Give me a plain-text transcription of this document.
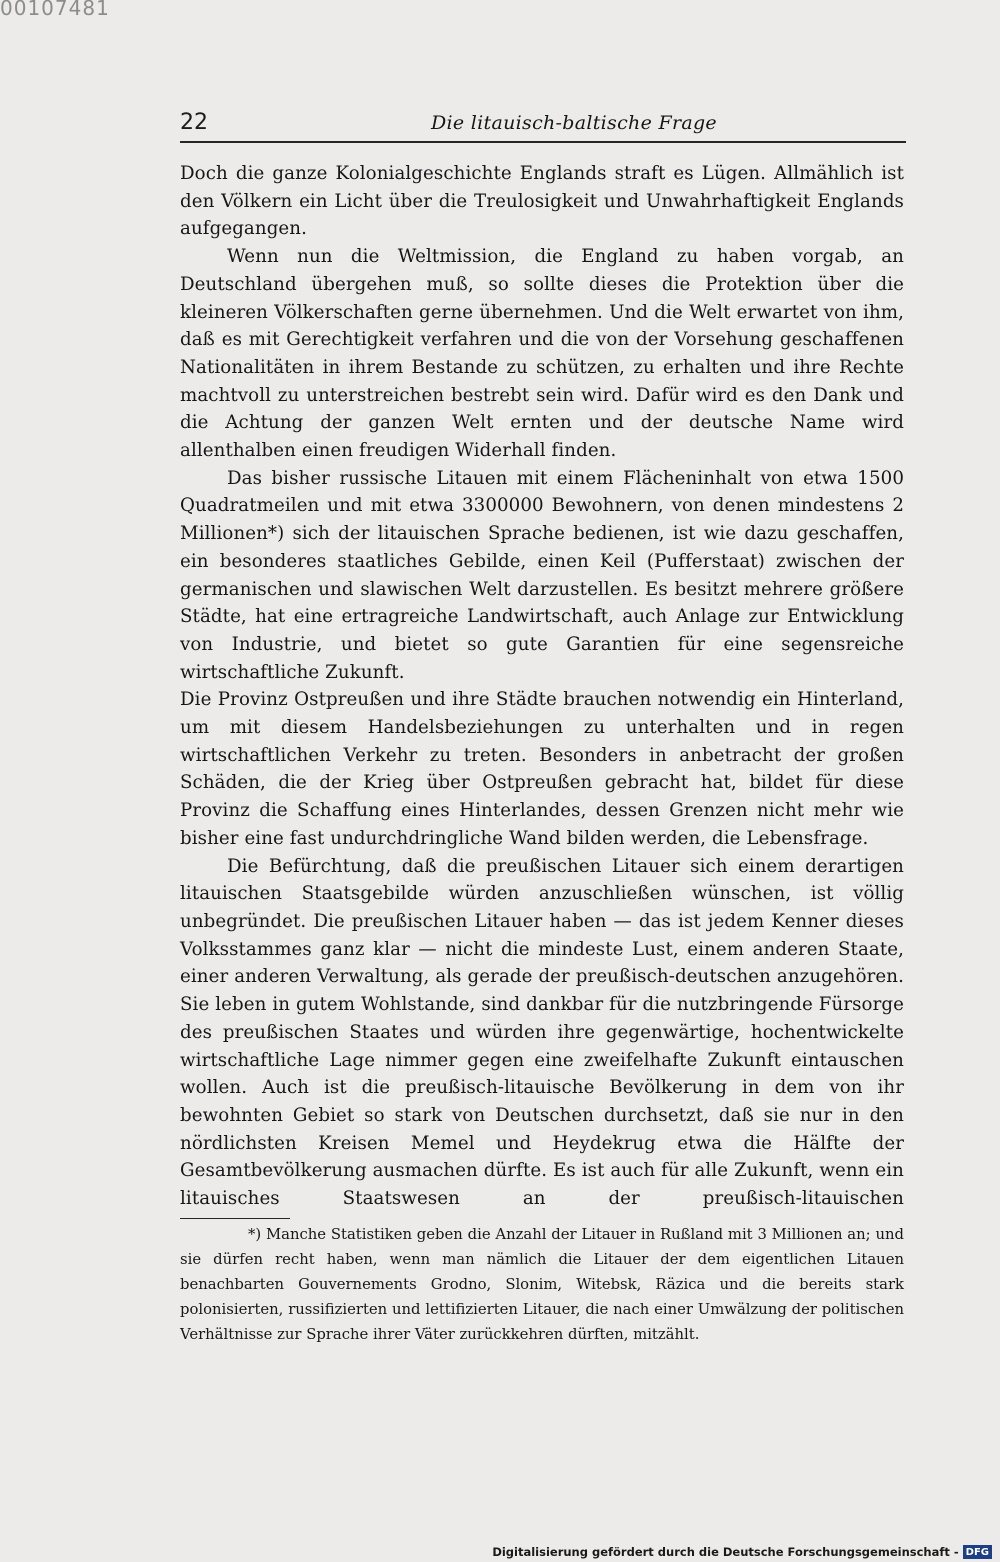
00107481
22	Die litauisch-baltische Frage

Doch die ganze Kolonialgeschichte Englands straft es Lügen. Allmählich ist den Völkern ein Licht über die Treulosigkeit und Unwahrhaftigkeit Englands aufgegangen.

Wenn nun die Weltmission, die England zu haben vorgab, an Deutschland übergehen muß, so sollte dieses die Protektion über die kleineren Völkerschaften gerne übernehmen. Und die Welt erwartet von ihm, daß es mit Gerechtigkeit verfahren und die von der Vorsehung geschaffenen Nationalitäten in ihrem Bestande zu schützen, zu erhalten und ihre Rechte machtvoll zu unterstreichen bestrebt sein wird. Dafür wird es den Dank und die Achtung der ganzen Welt ernten und der deutsche Name wird allenthalben einen freudigen Widerhall finden.

Das bisher russische Litauen mit einem Flächeninhalt von etwa 1500 Quadratmeilen und mit etwa 3300000 Bewohnern, von denen mindestens 2 Millionen*) sich der litauischen Sprache bedienen, ist wie dazu geschaffen, ein besonderes staatliches Gebilde, einen Keil (Pufferstaat) zwischen der germanischen und slawischen Welt darzustellen. Es besitzt mehrere größere Städte, hat eine ertragreiche Landwirtschaft, auch Anlage zur Entwicklung von Industrie, und bietet so gute Garantien für eine segensreiche wirtschaftliche Zukunft.

Die Provinz Ostpreußen und ihre Städte brauchen notwendig ein Hinterland, um mit diesem Handelsbeziehungen zu unterhalten und in regen wirtschaftlichen Verkehr zu treten. Besonders in anbetracht der großen Schäden, die der Krieg über Ostpreußen gebracht hat, bildet für diese Provinz die Schaffung eines Hinterlandes, dessen Grenzen nicht mehr wie bisher eine fast undurchdringliche Wand bilden werden, die Lebensfrage.

Die Befürchtung, daß die preußischen Litauer sich einem derartigen litauischen Staatsgebilde würden anzuschließen wünschen, ist völlig unbegründet. Die preußischen Litauer haben — das ist jedem Kenner dieses Volksstammes ganz klar — nicht die mindeste Lust, einem anderen Staate, einer anderen Verwaltung, als gerade der preußisch-deutschen anzugehören. Sie leben in gutem Wohlstande, sind dankbar für die nutzbringende Fürsorge des preußischen Staates und würden ihre gegenwärtige, hochentwickelte wirtschaftliche Lage nimmer gegen eine zweifelhafte Zukunft eintauschen wollen. Auch ist die preußisch-litauische Bevölkerung in dem von ihr bewohnten Gebiet so stark von Deutschen durchsetzt, daß sie nur in den nördlichsten Kreisen Memel und Heydekrug etwa die Hälfte der Gesamtbevölkerung ausmachen dürfte. Es ist auch für alle Zukunft, wenn ein litauisches Staatswesen an der preußisch-litauischen

*) Manche Statistiken geben die Anzahl der Litauer in Rußland mit 3 Millionen an; und sie dürfen recht haben, wenn man nämlich die Litauer der dem eigentlichen Litauen benachbarten Gouvernements Grodno, Slonim, Witebsk, Räzica und die bereits stark polonisierten, russifizierten und lettifizierten Litauer, die nach einer Umwälzung der politischen Verhältnisse zur Sprache ihrer Väter zurückkehren dürften, mitzählt.

Digitalisierung gefördert durch die Deutsche Forschungsgemeinschaft - DFG
